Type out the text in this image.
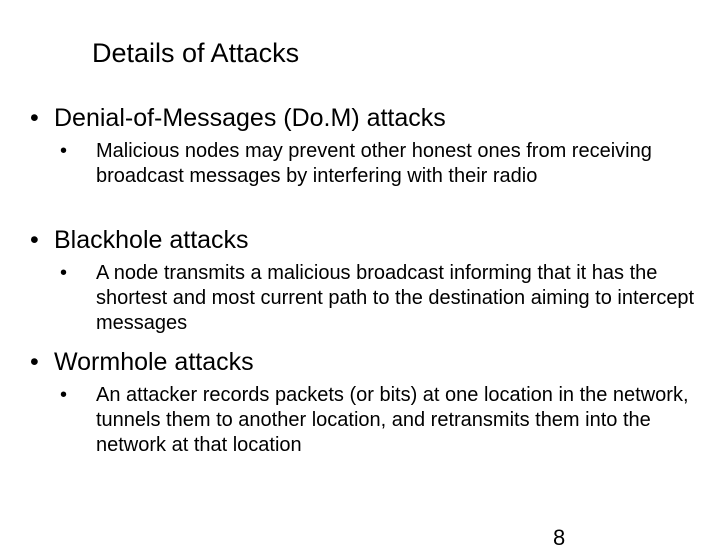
Details of Attacks
• Denial-of-Messages (Do.M) attacks
• Malicious nodes may prevent other honest ones from receiving broadcast messages by interfering with their radio
• Blackhole attacks
• A node transmits a malicious broadcast informing that it has the shortest and most current path to the destination aiming to intercept messages
• Wormhole attacks
• An attacker records packets (or bits) at one location in the network, tunnels them to another location, and retransmits them into the network at that location
8
